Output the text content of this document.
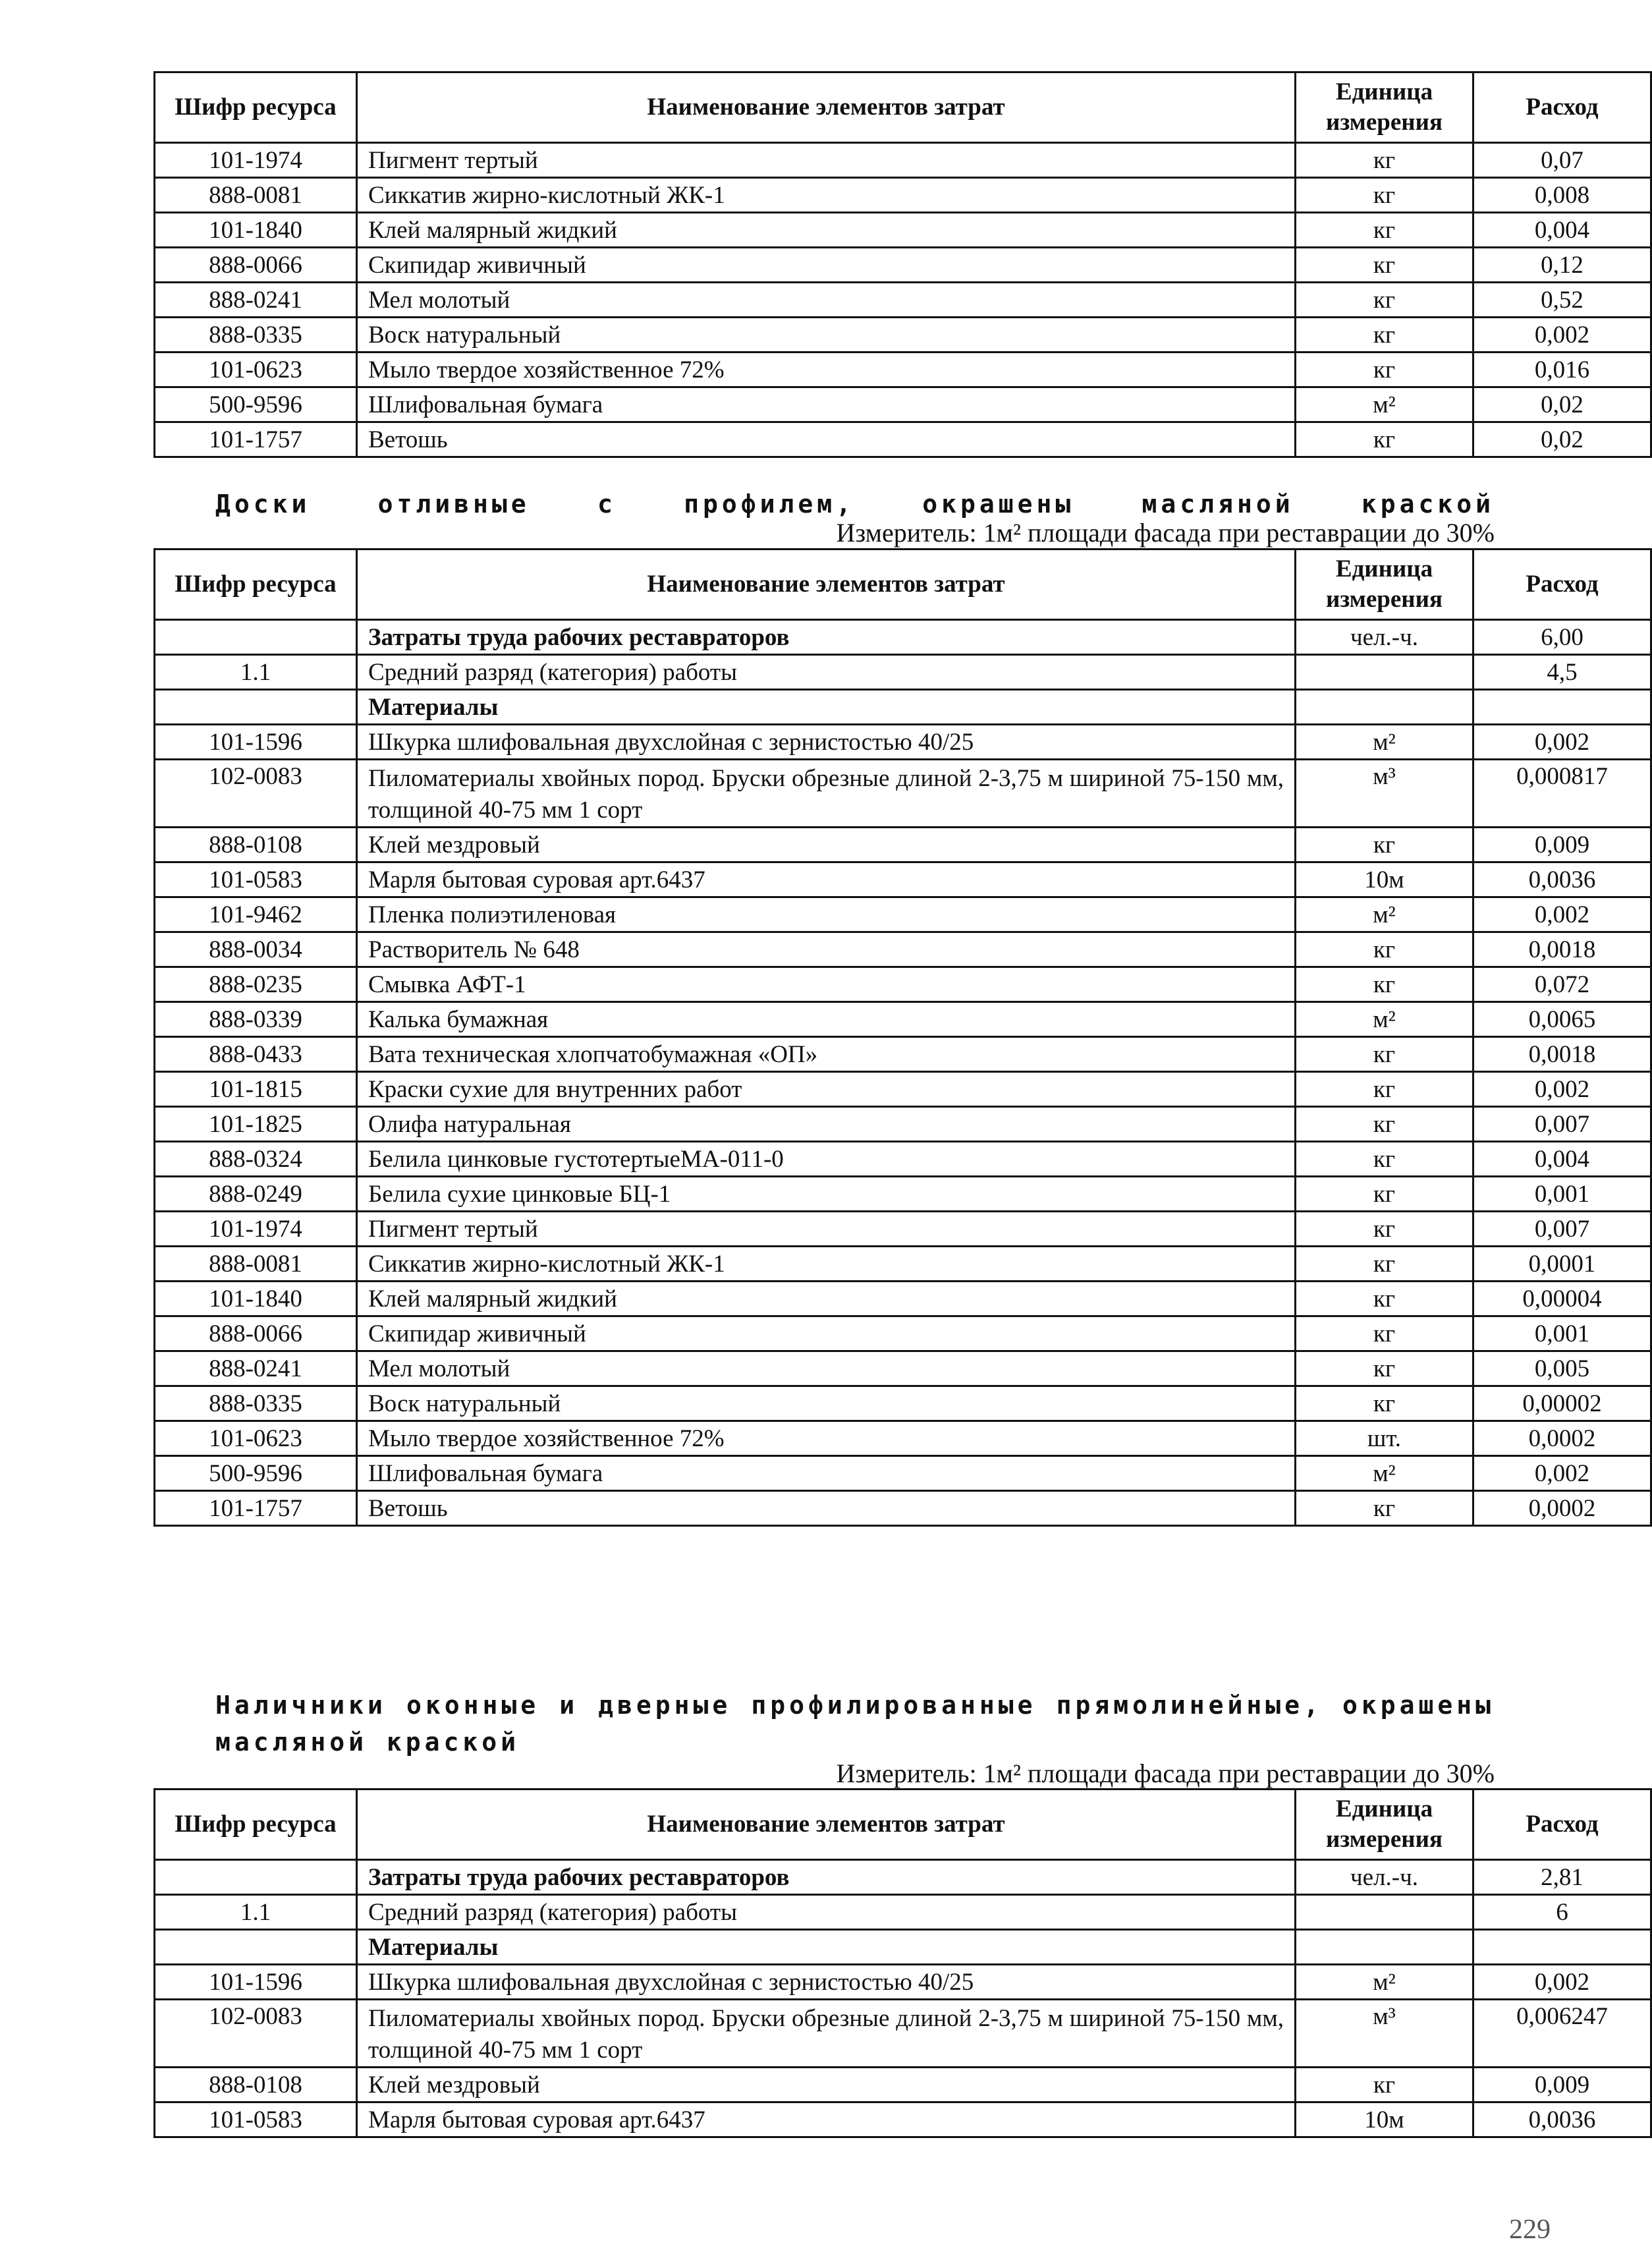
Шифр ресурса	Наименование элементов затрат	Единица измерения	Расход
101-1974	Пигмент тертый	кг	0,07
888-0081	Сиккатив жирно-кислотный ЖК-1	кг	0,008
101-1840	Клей малярный жидкий	кг	0,004
888-0066	Скипидар живичный	кг	0,12
888-0241	Мел молотый	кг	0,52
888-0335	Воск натуральный	кг	0,002
101-0623	Мыло твердое хозяйственное 72%	кг	0,016
500-9596	Шлифовальная бумага	м²	0,02
101-1757	Ветошь	кг	0,02
Доски отливные с профилем, окрашены масляной краской
Измеритель: 1м² площади фасада при реставрации до 30%
Шифр ресурса	Наименование элементов затрат	Единица измерения	Расход
	Затраты труда рабочих реставраторов	чел.-ч.	6,00
1.1	Средний разряд (категория) работы		4,5
	Материалы		
101-1596	Шкурка шлифовальная двухслойная с зернистостью 40/25	м²	0,002
102-0083	Пиломатериалы хвойных пород. Бруски обрезные длиной 2-3,75 м шириной 75-150 мм, толщиной 40-75 мм 1 сорт	м³	0,000817
888-0108	Клей мездровый	кг	0,009
101-0583	Марля бытовая суровая арт.6437	10м	0,0036
101-9462	Пленка полиэтиленовая	м²	0,002
888-0034	Растворитель № 648	кг	0,0018
888-0235	Смывка АФТ-1	кг	0,072
888-0339	Калька бумажная	м²	0,0065
888-0433	Вата техническая хлопчатобумажная «ОП»	кг	0,0018
101-1815	Краски сухие для внутренних работ	кг	0,002
101-1825	Олифа натуральная	кг	0,007
888-0324	Белила цинковые густотертыеМА-011-0	кг	0,004
888-0249	Белила сухие цинковые БЦ-1	кг	0,001
101-1974	Пигмент тертый	кг	0,007
888-0081	Сиккатив жирно-кислотный ЖК-1	кг	0,0001
101-1840	Клей малярный жидкий	кг	0,00004
888-0066	Скипидар живичный	кг	0,001
888-0241	Мел молотый	кг	0,005
888-0335	Воск натуральный	кг	0,00002
101-0623	Мыло твердое хозяйственное 72%	шт.	0,0002
500-9596	Шлифовальная бумага	м²	0,002
101-1757	Ветошь	кг	0,0002
Наличники оконные и дверные профилированные прямолинейные, окрашены масляной краской
Измеритель: 1м² площади фасада при реставрации до 30%
Шифр ресурса	Наименование элементов затрат	Единица измерения	Расход
	Затраты труда рабочих реставраторов	чел.-ч.	2,81
1.1	Средний разряд (категория) работы		6
	Материалы		
101-1596	Шкурка шлифовальная двухслойная с зернистостью 40/25	м²	0,002
102-0083	Пиломатериалы хвойных пород. Бруски обрезные длиной 2-3,75 м шириной 75-150 мм, толщиной 40-75 мм 1 сорт	м³	0,006247
888-0108	Клей мездровый	кг	0,009
101-0583	Марля бытовая суровая арт.6437	10м	0,0036
229
